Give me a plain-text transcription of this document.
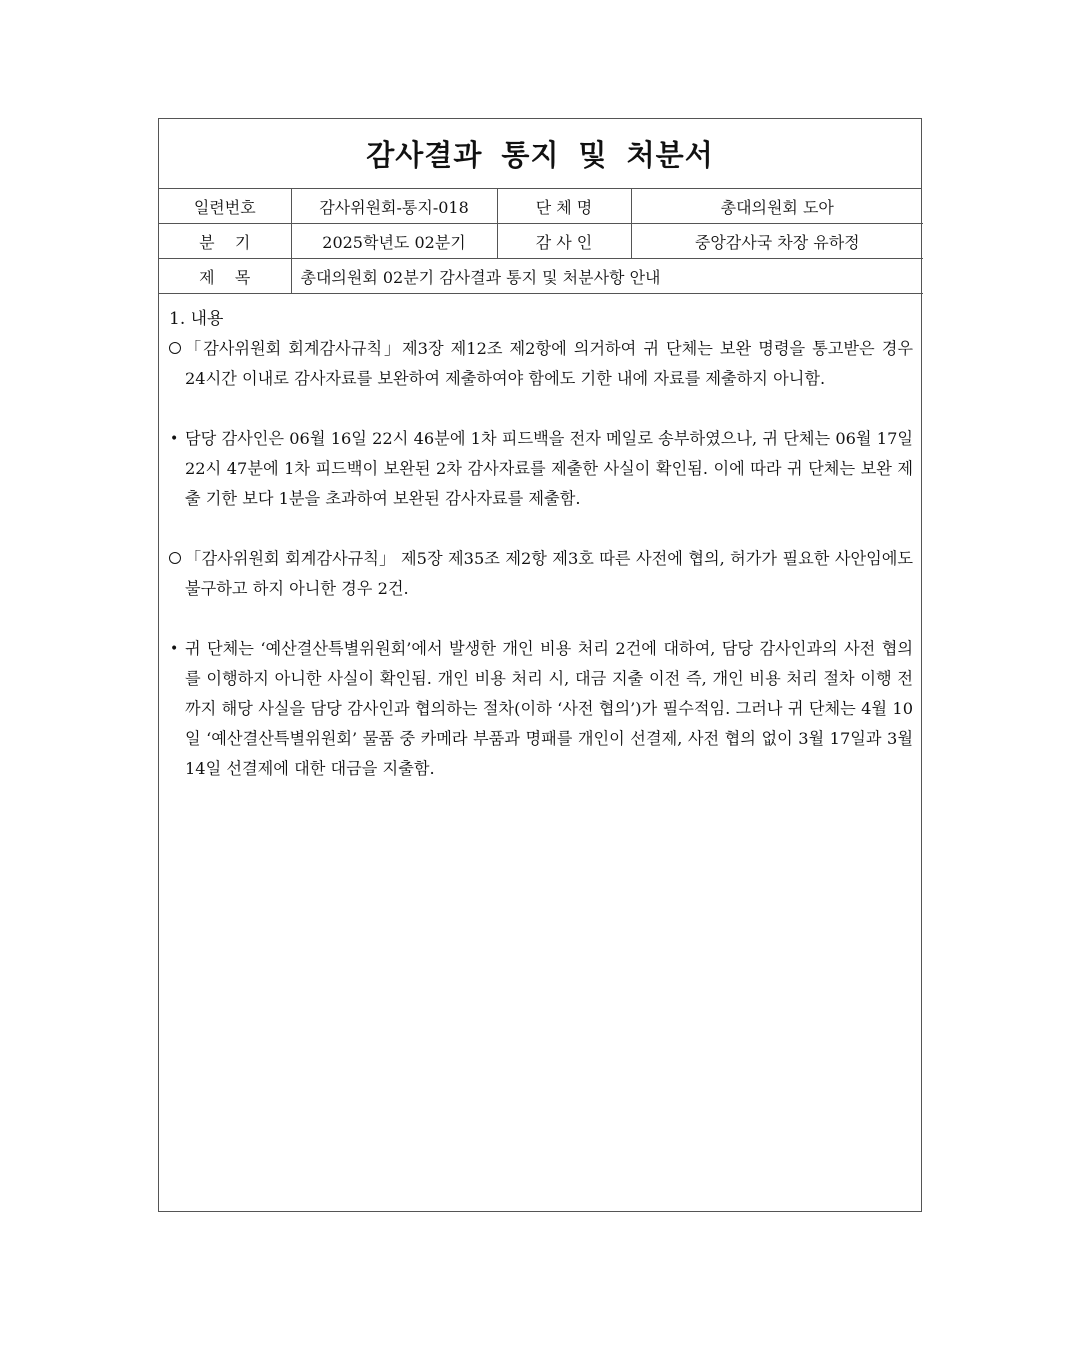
감사결과 통지 및 처분서
일련번호	감사위원회-통지-018	단 체 명	총대의원회 도아
분    기	2025학년도 02분기	감 사 인	중앙감사국 차장 유하정
제    목	총대의원회 02분기 감사결과 통지 및 처분사항 안내		

1. 내용

「감사위원회 회계감사규칙」제3장 제12조 제2항에 의거하여 귀 단체는 보완 명령을 통고받은 경우 24시간 이내로 감사자료를 보완하여 제출하여야 함에도 기한 내에 자료를 제출하지 아니함.

• 담당 감사인은 06월 16일 22시 46분에 1차 피드백을 전자 메일로 송부하였으나, 귀 단체는 06월 17일 22시 47분에 1차 피드백이 보완된 2차 감사자료를 제출한 사실이 확인됨. 이에 따라 귀 단체는 보완 제출 기한 보다 1분을 초과하여 보완된 감사자료를 제출함.

「감사위원회 회계감사규칙」 제5장 제35조 제2항 제3호 따른 사전에 협의, 허가가 필요한 사안임에도 불구하고 하지 아니한 경우 2건.

• 귀 단체는 ‘예산결산특별위원회’에서 발생한 개인 비용 처리 2건에 대하여, 담당 감사인과의 사전 협의를 이행하지 아니한 사실이 확인됨. 개인 비용 처리 시, 대금 지출 이전 즉, 개인 비용 처리 절차 이행 전까지 해당 사실을 담당 감사인과 협의하는 절차(이하 ‘사전 협의’)가 필수적임. 그러나 귀 단체는 4월 10일 ‘예산결산특별위원회’ 물품 중 카메라 부품과 명패를 개인이 선결제, 사전 협의 없이 3월 17일과 3월 14일 선결제에 대한 대금을 지출함.
